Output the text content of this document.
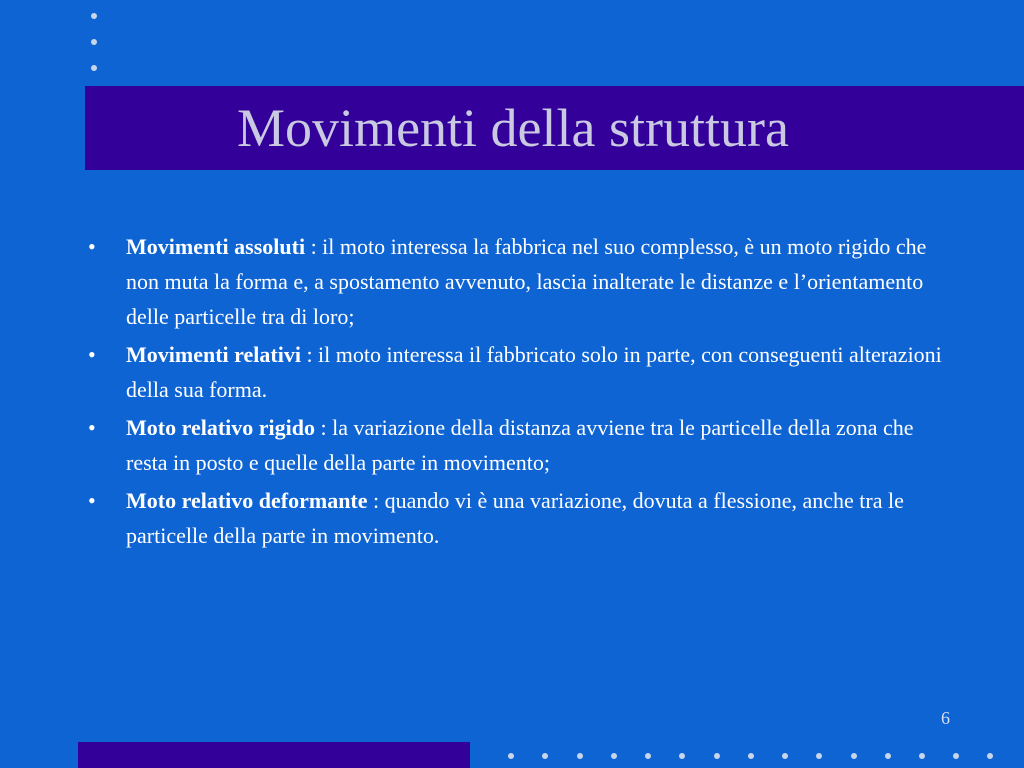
Movimenti della struttura
• Movimenti assoluti : il moto interessa la fabbrica nel suo complesso, è un moto rigido che non muta la forma e, a spostamento avvenuto, lascia inalterate le distanze e l’orientamento delle particelle tra di loro;
• Movimenti relativi : il moto interessa il fabbricato solo in parte, con conseguenti alterazioni della sua forma.
• Moto relativo rigido : la variazione della distanza avviene tra le particelle della zona che resta in posto e quelle della parte in movimento;
• Moto relativo deformante : quando vi è una variazione, dovuta a flessione, anche tra le particelle della parte in movimento.
6
